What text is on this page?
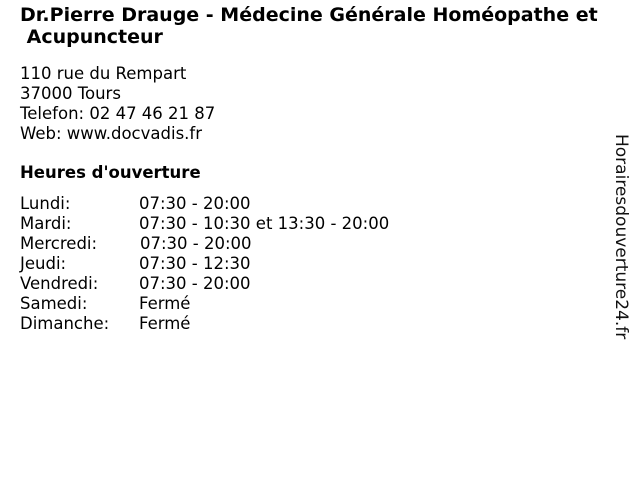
Dr.Pierre Drauge - Médecine Générale Homéopathe et
Acupuncteur
110 rue du Rempart
37000 Tours
Telefon: 02 47 46 21 87
Web: www.docvadis.fr
Heures d'ouverture
Lundi:	07:30 - 20:00
Mardi:	07:30 - 10:30 et 13:30 - 20:00
Mercredi:	07:30 - 20:00
Jeudi:	07:30 - 12:30
Vendredi:	07:30 - 20:00
Samedi:	Fermé
Dimanche:	Fermé	Horairesdouverture24.fr
